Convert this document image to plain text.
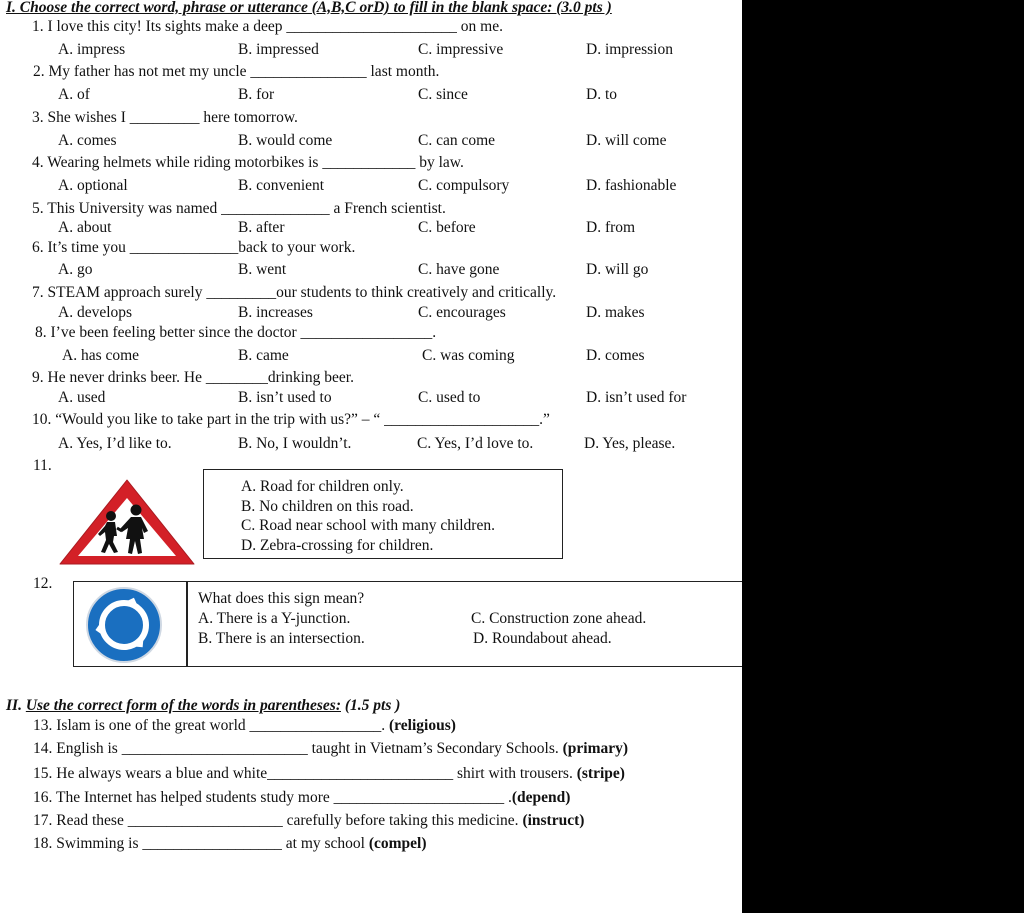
I. Choose the correct word, phrase or utterance (A,B,C orD) to fill in the blank space: (3.0 pts )
1. I love this city! Its sights make a deep ______________________ on me.
A. impress	B. impressed	C. impressive	D. impression
2. My father has not met my uncle _______________ last month.
A. of	B. for	C. since	D. to
3. She wishes I _________ here tomorrow.
A. comes	B. would come	C. can come	D. will come
4. Wearing helmets while riding motorbikes is ____________ by law.
A. optional	B. convenient	C. compulsory	D. fashionable
5. This University was named ______________ a French scientist.
A. about	B. after	C. before	D. from
6. It’s time you ______________back to your work.
A. go	B. went	C. have gone	D. will go
7. STEAM approach surely _________our students to think creatively and critically.
A. develops	B. increases	C. encourages	D. makes
8. I’ve been feeling better since the doctor _________________.
A. has come	B. came	C. was coming	D. comes
9. He never drinks beer. He ________drinking beer.
A. used	B. isn’t used to	C. used to	D. isn’t used for
10. “Would you like to take part in the trip with us?” – “ ____________________.”
A. Yes, I’d like to.	B. No, I wouldn’t.	C. Yes, I’d love to.	D. Yes, please.
11.
A. Road for children only.
B. No children on this road.
C. Road near school with many children.
D. Zebra-crossing for children.
12.
What does this sign mean?
A. There is a Y-junction.
B. There is an intersection.
C. Construction zone ahead.
D. Roundabout ahead.
II. Use the correct form of the words in parentheses: (1.5 pts )
13. Islam is one of the great world _________________. (religious)
14. English is ________________________ taught in Vietnam’s Secondary Schools. (primary)
15. He always wears a blue and white________________________ shirt with trousers. (stripe)
16. The Internet has helped students study more ______________________ .(depend)
17. Read these ____________________ carefully before taking this medicine. (instruct)
18. Swimming is __________________ at my school (compel)
